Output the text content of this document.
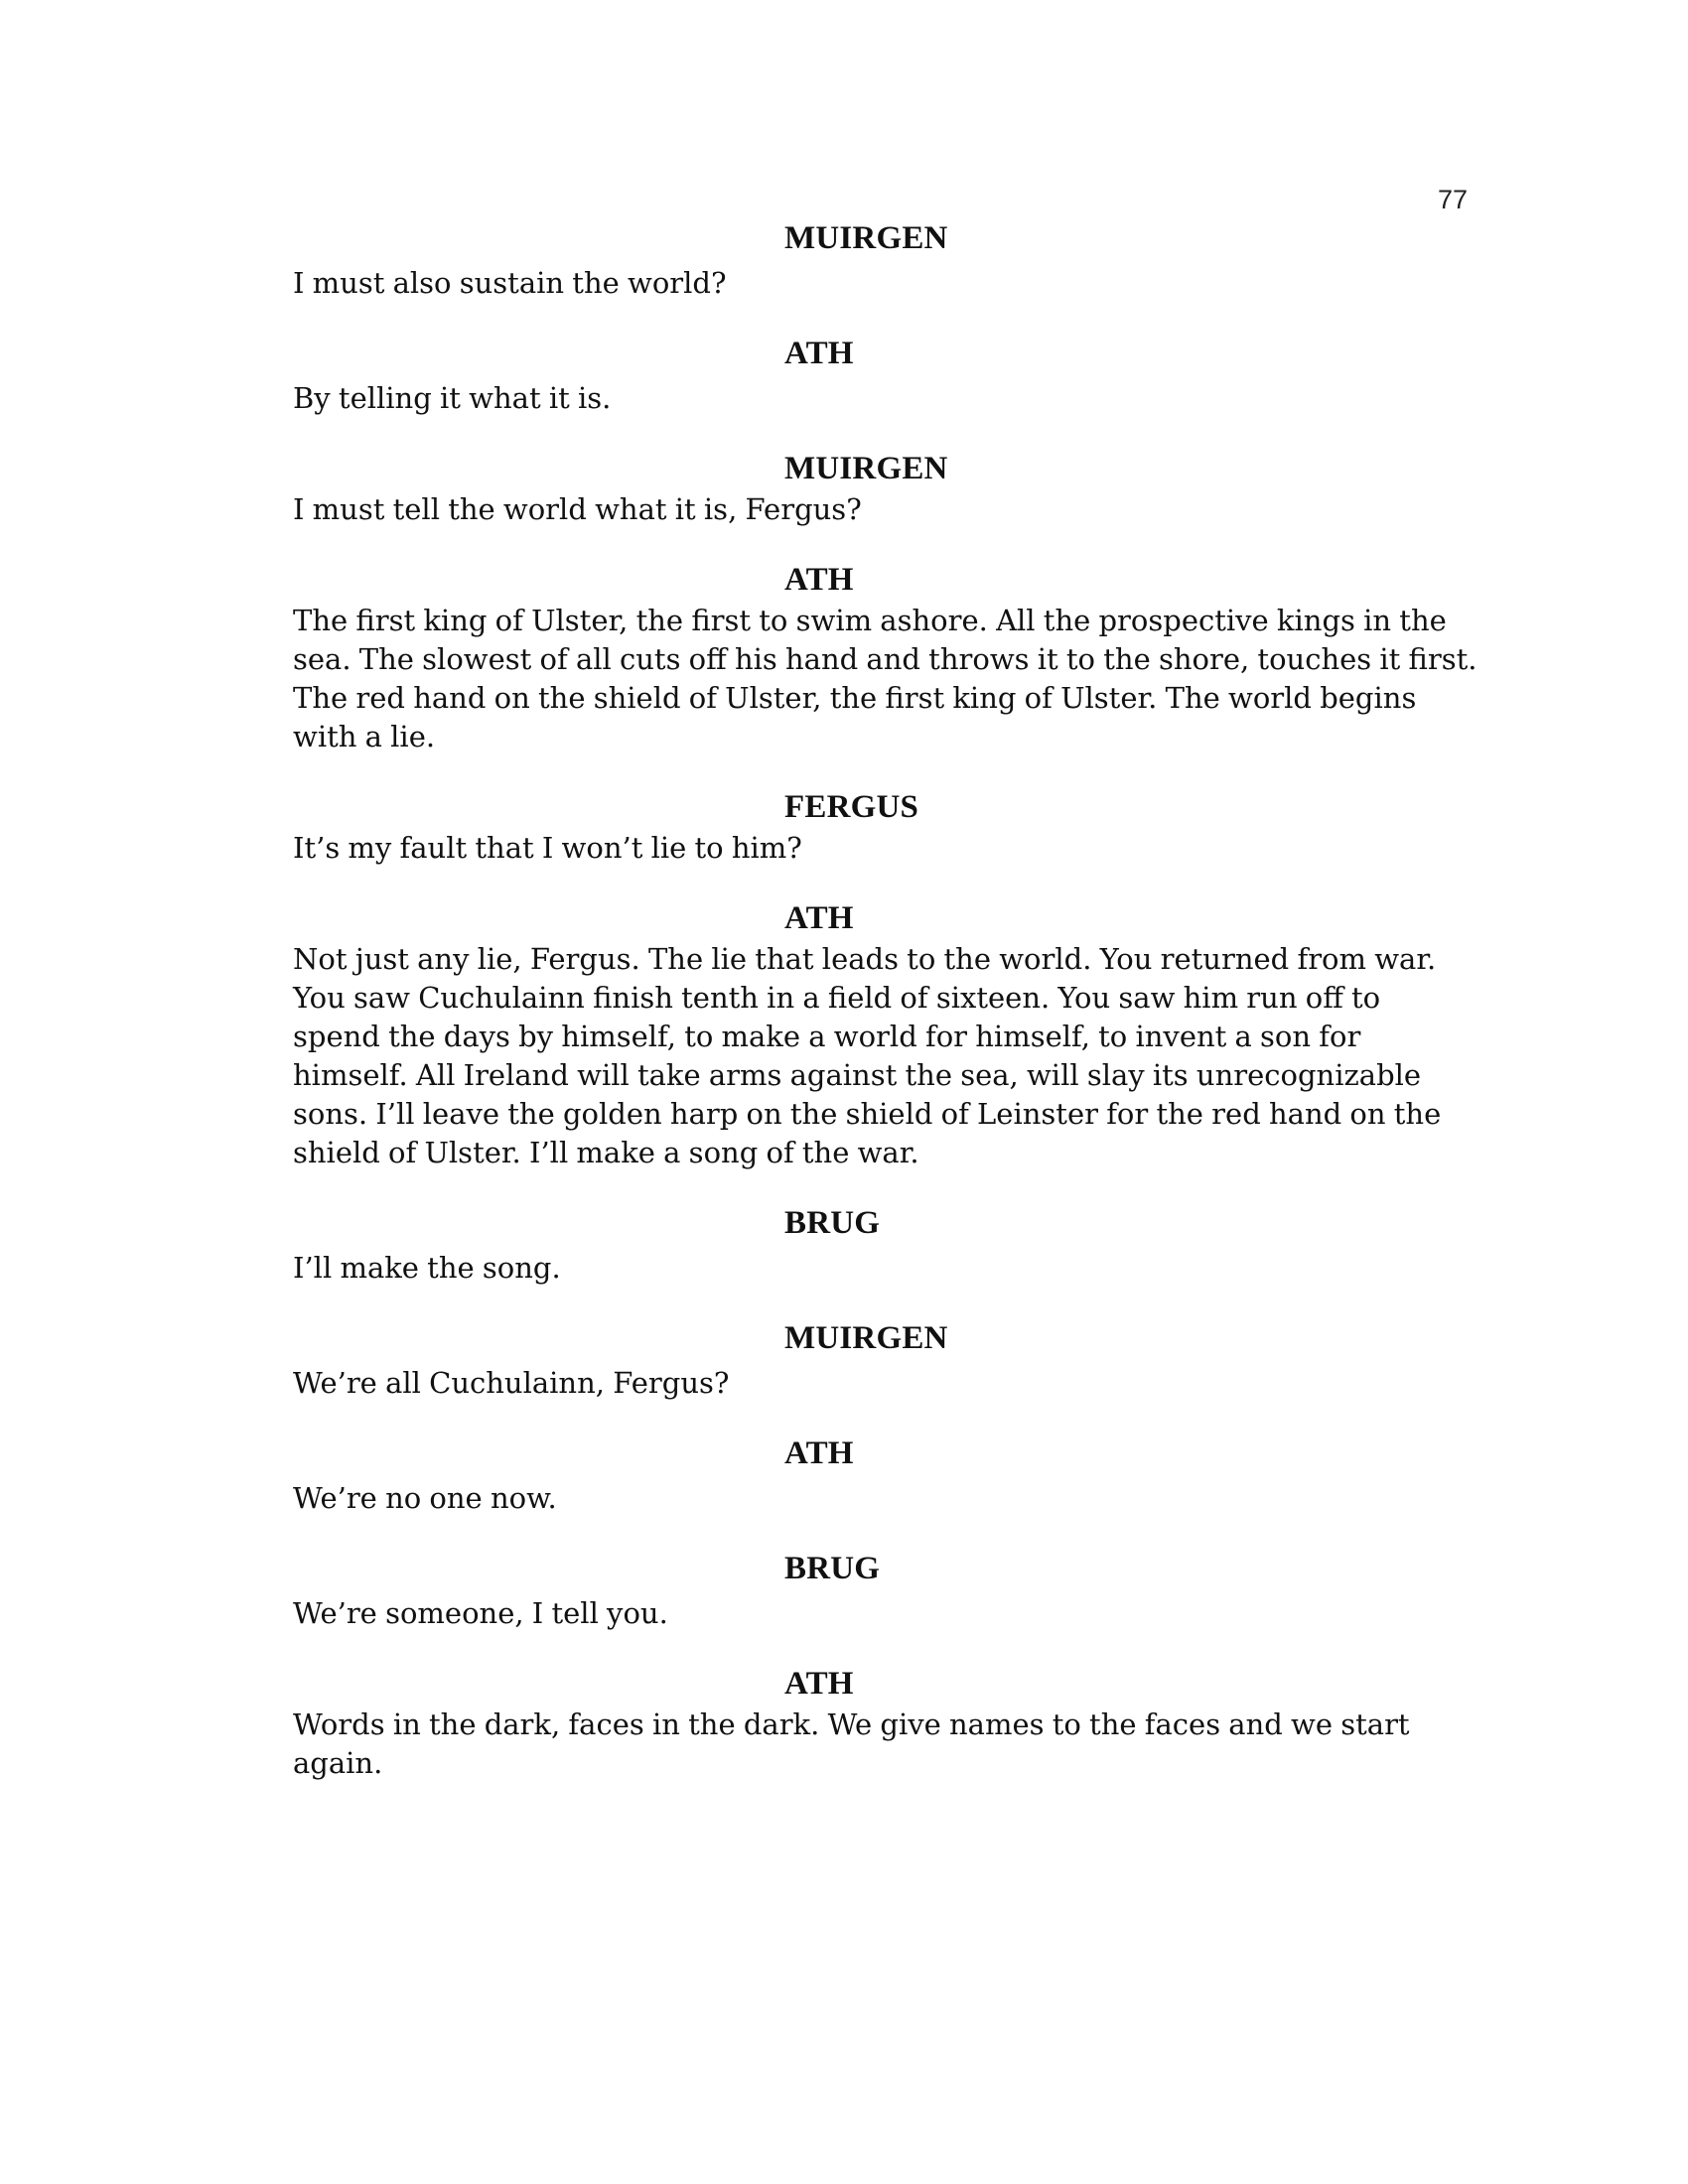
77
MUIRGEN
I must also sustain the world?
ATH
By telling it what it is.
MUIRGEN
I must tell the world what it is, Fergus?
ATH
The first king of Ulster, the first to swim ashore. All the prospective kings in the
sea. The slowest of all cuts off his hand and throws it to the shore, touches it first.
The red hand on the shield of Ulster, the first king of Ulster. The world begins
with a lie.
FERGUS
It’s my fault that I won’t lie to him?
ATH
Not just any lie, Fergus. The lie that leads to the world. You returned from war.
You saw Cuchulainn finish tenth in a field of sixteen. You saw him run off to
spend the days by himself, to make a world for himself, to invent a son for
himself. All Ireland will take arms against the sea, will slay its unrecognizable
sons. I’ll leave the golden harp on the shield of Leinster for the red hand on the
shield of Ulster. I’ll make a song of the war.
BRUG
I’ll make the song.
MUIRGEN
We’re all Cuchulainn, Fergus?
ATH
We’re no one now.
BRUG
We’re someone, I tell you.
ATH
Words in the dark, faces in the dark. We give names to the faces and we start
again.
